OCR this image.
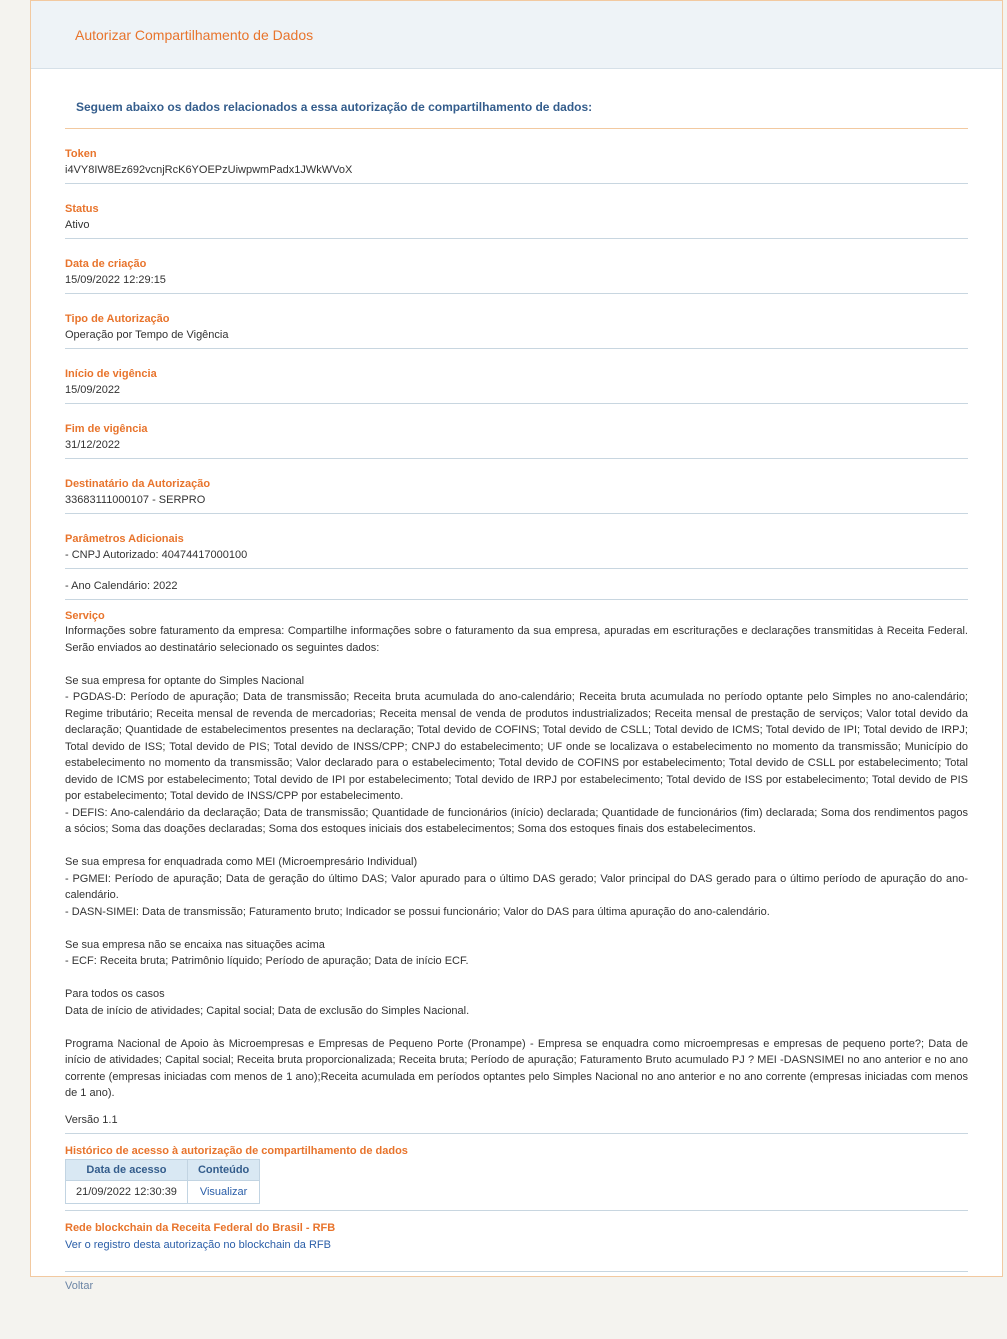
Autorizar Compartilhamento de Dados
Seguem abaixo os dados relacionados a essa autorização de compartilhamento de dados:
Token
i4VY8IW8Ez692vcnjRcK6YOEPzUiwpwmPadx1JWkWVoX
Status
Ativo
Data de criação
15/09/2022 12:29:15
Tipo de Autorização
Operação por Tempo de Vigência
Início de vigência
15/09/2022
Fim de vigência
31/12/2022
Destinatário da Autorização
33683111000107 - SERPRO
Parâmetros Adicionais
- CNPJ Autorizado: 40474417000100
- Ano Calendário: 2022
Serviço

Informações sobre faturamento da empresa: Compartilhe informações sobre o faturamento da sua empresa, apuradas em escriturações e declarações transmitidas à Receita Federal. Serão enviados ao destinatário selecionado os seguintes dados:

Se sua empresa for optante do Simples Nacional

- PGDAS-D: Período de apuração; Data de transmissão; Receita bruta acumulada do ano-calendário; Receita bruta acumulada no período optante pelo Simples no ano-calendário; Regime tributário; Receita mensal de revenda de mercadorias; Receita mensal de venda de produtos industrializados; Receita mensal de prestação de serviços; Valor total devido da declaração; Quantidade de estabelecimentos presentes na declaração; Total devido de COFINS; Total devido de CSLL; Total devido de ICMS; Total devido de IPI; Total devido de IRPJ; Total devido de ISS; Total devido de PIS; Total devido de INSS/CPP; CNPJ do estabelecimento; UF onde se localizava o estabelecimento no momento da transmissão; Município do estabelecimento no momento da transmissão; Valor declarado para o estabelecimento; Total devido de COFINS por estabelecimento; Total devido de CSLL por estabelecimento; Total devido de ICMS por estabelecimento; Total devido de IPI por estabelecimento; Total devido de IRPJ por estabelecimento; Total devido de ISS por estabelecimento; Total devido de PIS por estabelecimento; Total devido de INSS/CPP por estabelecimento.

- DEFIS: Ano-calendário da declaração; Data de transmissão; Quantidade de funcionários (início) declarada; Quantidade de funcionários (fim) declarada; Soma dos rendimentos pagos a sócios; Soma das doações declaradas; Soma dos estoques iniciais dos estabelecimentos; Soma dos estoques finais dos estabelecimentos.

Se sua empresa for enquadrada como MEI (Microempresário Individual)

- PGMEI: Período de apuração; Data de geração do último DAS; Valor apurado para o último DAS gerado; Valor principal do DAS gerado para o último período de apuração do ano-calendário.

- DASN-SIMEI: Data de transmissão; Faturamento bruto; Indicador se possui funcionário; Valor do DAS para última apuração do ano-calendário.

Se sua empresa não se encaixa nas situações acima

- ECF: Receita bruta; Patrimônio líquido; Período de apuração; Data de início ECF.

Para todos os casos

Data de início de atividades; Capital social; Data de exclusão do Simples Nacional.

Programa Nacional de Apoio às Microempresas e Empresas de Pequeno Porte (Pronampe) - Empresa se enquadra como microempresas e empresas de pequeno porte?; Data de início de atividades; Capital social; Receita bruta proporcionalizada; Receita bruta; Período de apuração; Faturamento Bruto acumulado PJ ? MEI -DASNSIMEI no ano anterior e no ano corrente (empresas iniciadas com menos de 1 ano);Receita acumulada em períodos optantes pelo Simples Nacional no ano anterior e no ano corrente (empresas iniciadas com menos de 1 ano).

Versão 1.1
Histórico de acesso à autorização de compartilhamento de dados
Data de acesso	Conteúdo
21/09/2022 12:30:39	Visualizar
Rede blockchain da Receita Federal do Brasil - RFB
Ver o registro desta autorização no blockchain da RFB
Voltar
